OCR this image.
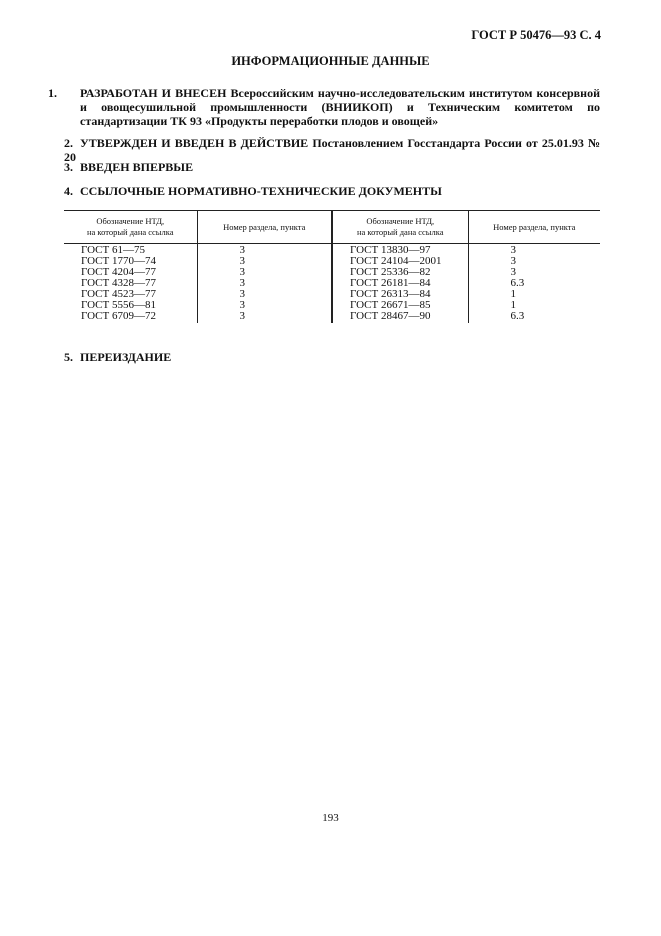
ГОСТ Р 50476—93 С. 4
ИНФОРМАЦИОННЫЕ ДАННЫЕ
1. РАЗРАБОТАН И ВНЕСЕН Всероссийским научно-исследовательским институтом консервной и овощесушильной промышленности (ВНИИКОП) и Техническим комитетом по стандартизации ТК 93 «Продукты переработки плодов и овощей»
2. УТВЕРЖДЕН И ВВЕДЕН В ДЕЙСТВИЕ Постановлением Госстандарта России от 25.01.93 № 20
3. ВВЕДЕН ВПЕРВЫЕ
4. ССЫЛОЧНЫЕ НОРМАТИВНО-ТЕХНИЧЕСКИЕ ДОКУМЕНТЫ
Обозначение НТД,
на который дана ссылка
Номер раздела, пункта
Обозначение НТД,
на который дана ссылка
Номер раздела, пункта
ГОСТ 61—75
ГОСТ 1770—74
ГОСТ 4204—77
ГОСТ 4328—77
ГОСТ 4523—77
ГОСТ 5556—81
ГОСТ 6709—72
3
3
3
3
3
3
3
ГОСТ 13830—97
ГОСТ 24104—2001
ГОСТ 25336—82
ГОСТ 26181—84
ГОСТ 26313—84
ГОСТ 26671—85
ГОСТ 28467—90
3
3
3
6.3
1
1
6.3
5. ПЕРЕИЗДАНИЕ
193
